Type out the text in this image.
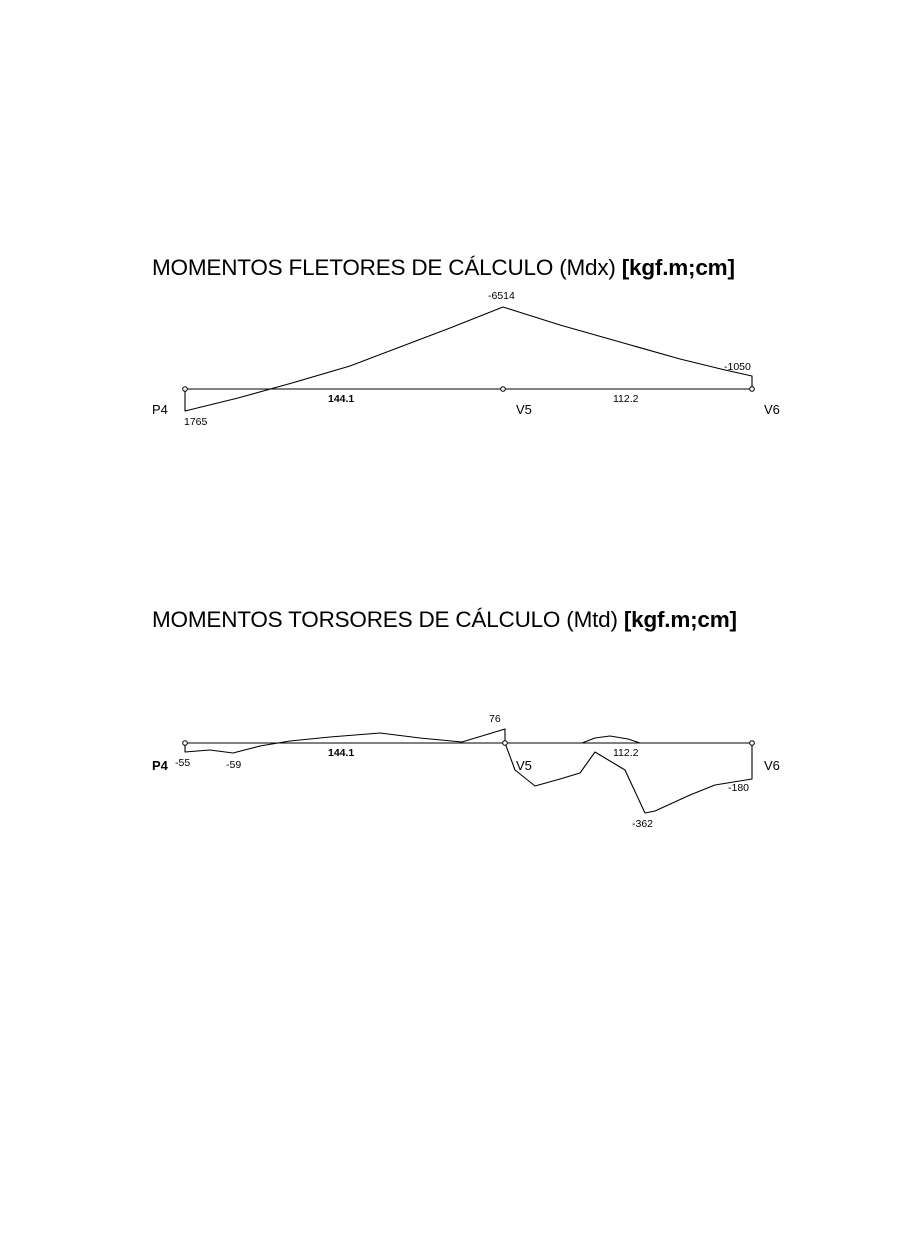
MOMENTOS FLETORES DE CÁLCULO (Mdx) [kgf.m;cm]
MOMENTOS TORSORES DE CÁLCULO (Mtd) [kgf.m;cm]
P4	V5	V6
144.1	112.2
-6514
-1050
1765
P4	V5	V6
144.1	112.2
76
-55	-59
-362
-180
